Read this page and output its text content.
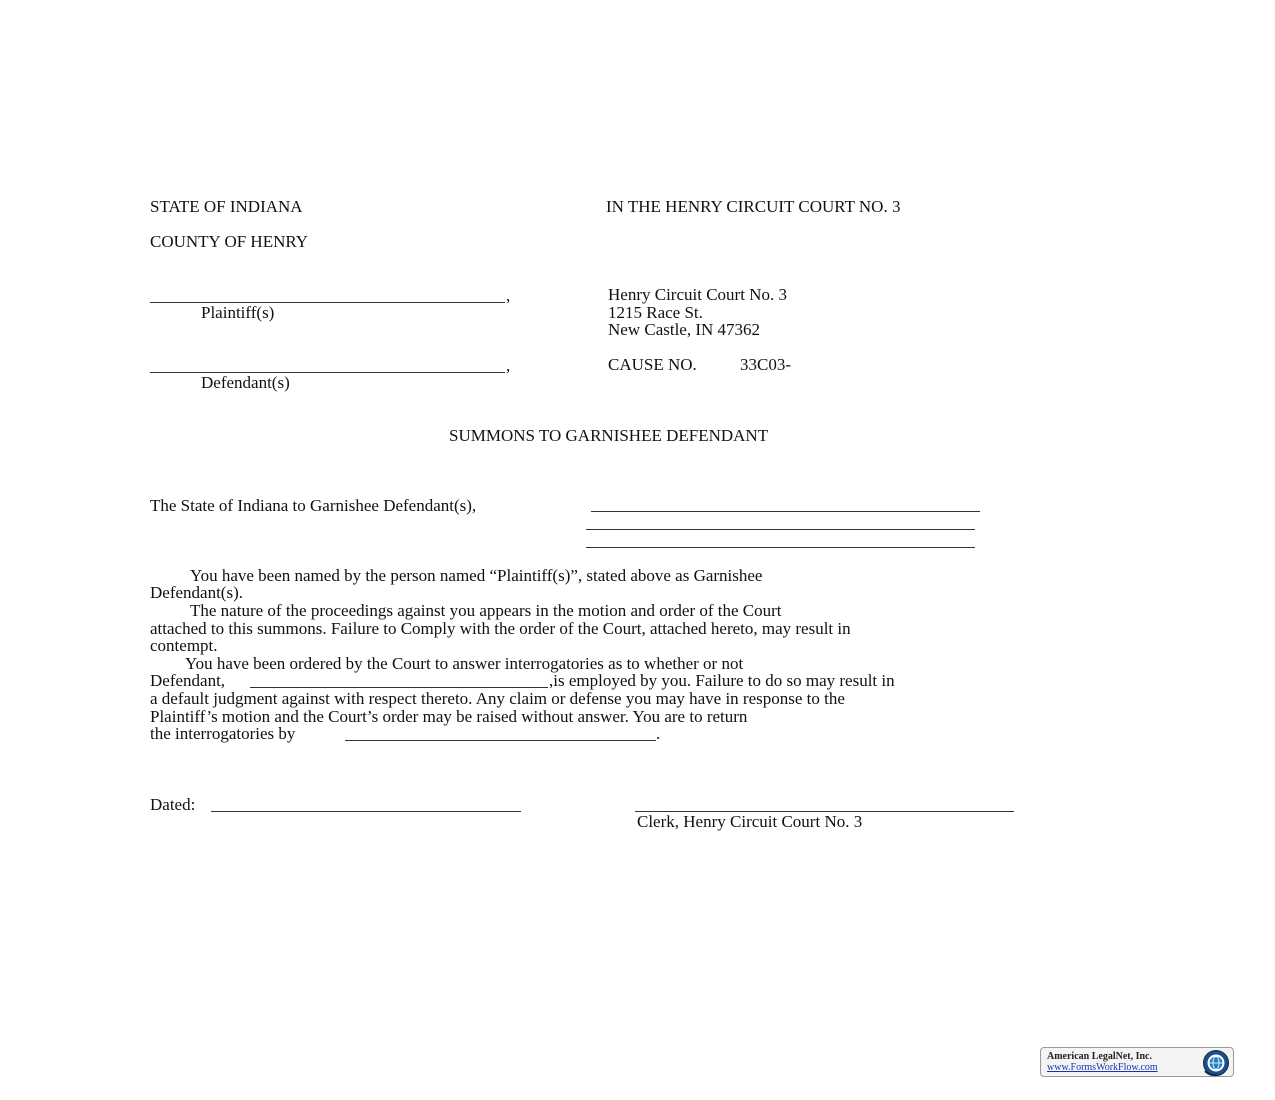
STATE OF INDIANA	IN THE HENRY CIRCUIT COURT NO. 3
COUNTY OF HENRY
,
Plaintiff(s)
,
Defendant(s)
Henry Circuit Court No. 3
1215 Race St.
New Castle, IN 47362
CAUSE NO.	33C03-
SUMMONS TO GARNISHEE DEFENDANT
The State of Indiana to Garnishee Defendant(s),
You have been named by the person named “Plaintiff(s)”, stated above as Garnishee
Defendant(s).
The nature of the proceedings against you appears in the motion and order of the Court
attached to this summons. Failure to Comply with the order of the Court, attached hereto, may result in
contempt.
You have been ordered by the Court to answer interrogatories as to whether or not
Defendant,	,is employed by you. Failure to do so may result in
a default judgment against with respect thereto. Any claim or defense you may have in response to the
Plaintiff’s motion and the Court’s order may be raised without answer. You are to return
the interrogatories by	.
Dated:
Clerk, Henry Circuit Court No. 3
American LegalNet, Inc.
www.FormsWorkFlow.com
